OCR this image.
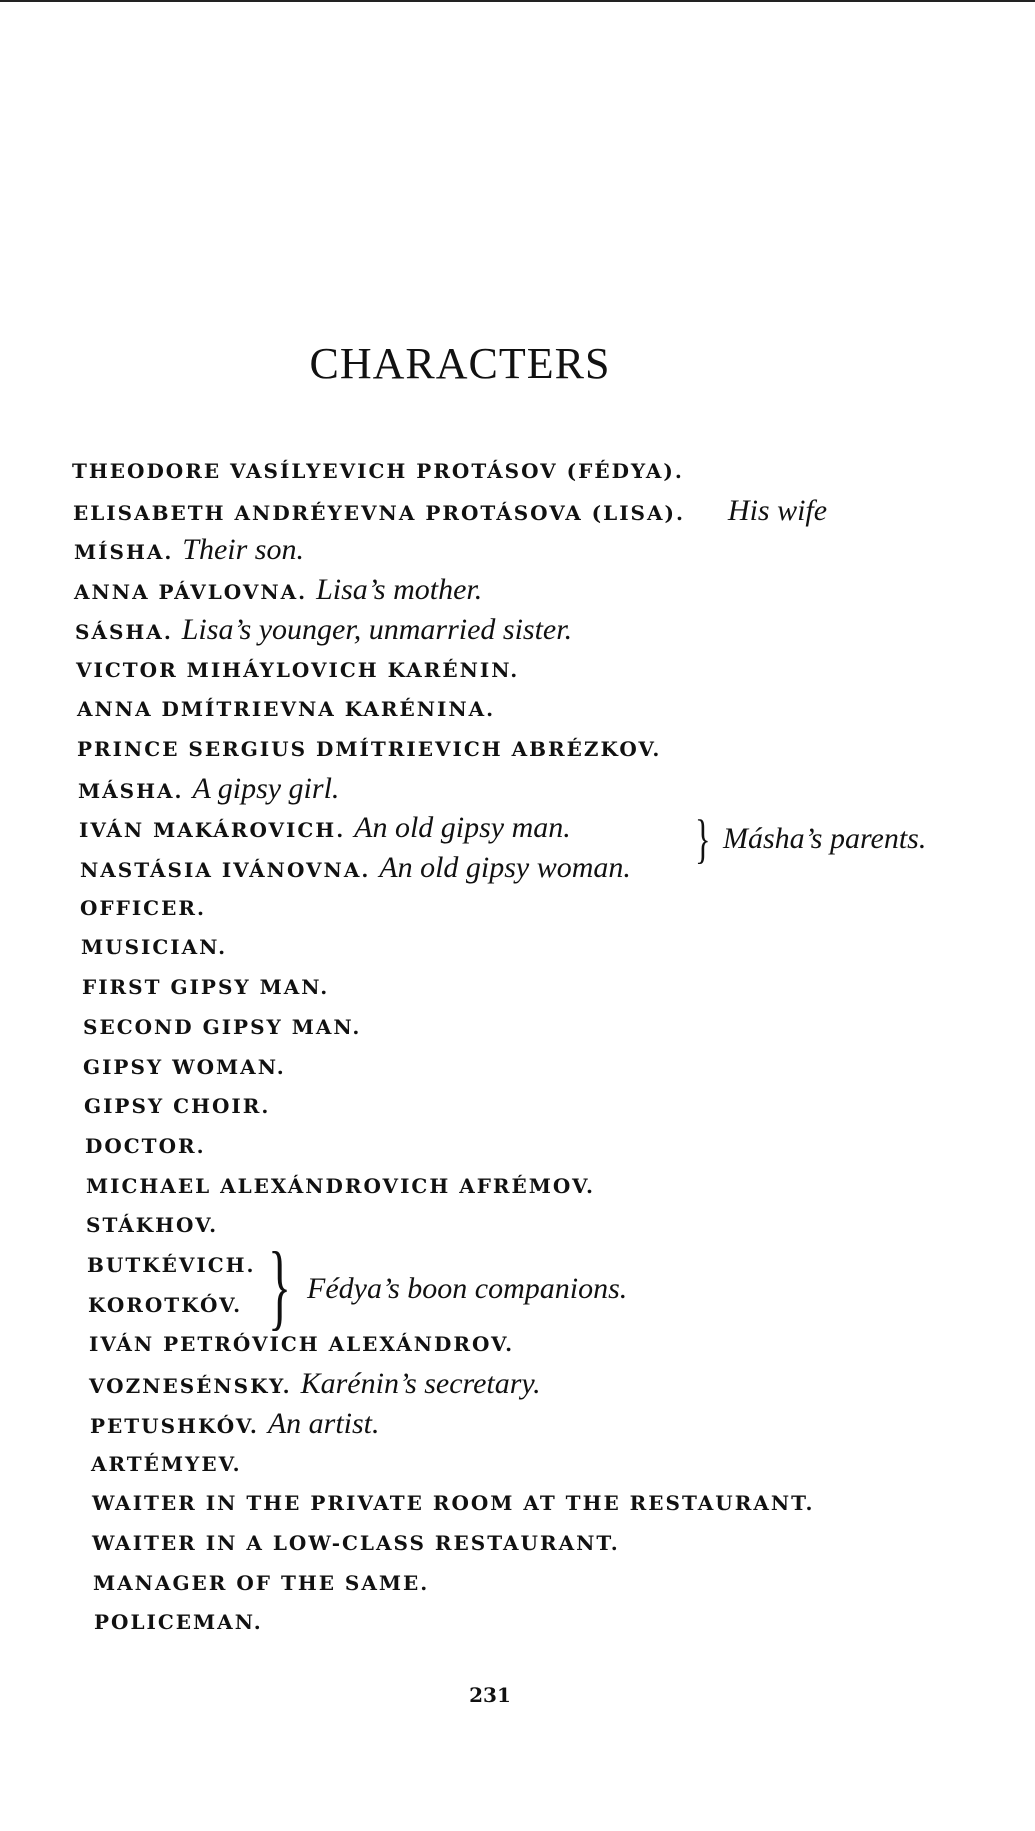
CHARACTERS
THEODORE VASÍLYEVICH PROTÁSOV (FÉDYA).
ELISABETH ANDRÉYEVNA PROTÁSOVA (LISA). His wife
MÍSHA. Their son.
ANNA PÁVLOVNA. Lisa’s mother.
SÁSHA. Lisa’s younger, unmarried sister.
VICTOR MIHÁYLOVICH KARÉNIN.
ANNA DMÍTRIEVNA KARÉNINA.
PRINCE SERGIUS DMÍTRIEVICH ABRÉZKOV.
MÁSHA. A gipsy girl.
IVÁN MAKÁROVICH. An old gipsy man.
NASTÁSIA IVÁNOVNA. An old gipsy woman.
OFFICER.
MUSICIAN.
FIRST GIPSY MAN.
SECOND GIPSY MAN.
GIPSY WOMAN.
GIPSY CHOIR.
DOCTOR.
MICHAEL ALEXÁNDROVICH AFRÉMOV.
STÁKHOV.
BUTKÉVICH.
KOROTKÓV.
IVÁN PETRÓVICH ALEXÁNDROV.
VOZNESÉNSKY. Karénin’s secretary.
PETUSHKÓV. An artist.
ARTÉMYEV.
WAITER IN THE PRIVATE ROOM AT THE RESTAURANT.
WAITER IN A LOW-CLASS RESTAURANT.
MANAGER OF THE SAME.
POLICEMAN.
} Másha’s parents.
} Fédya’s boon companions.
231
